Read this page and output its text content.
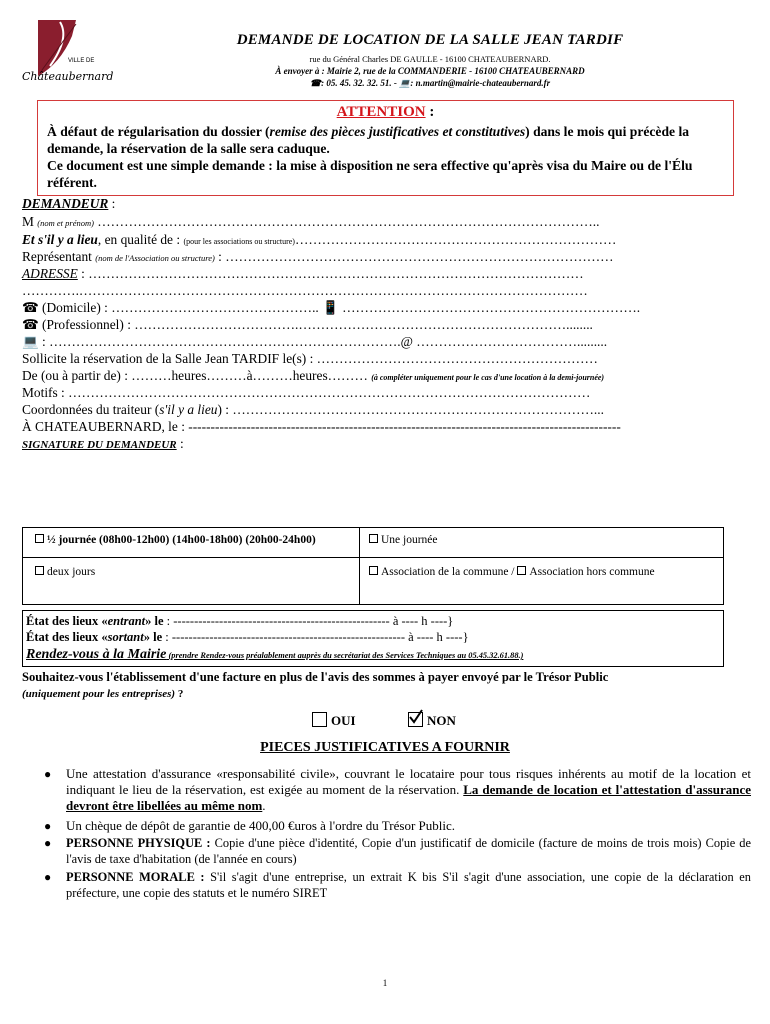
VILLE DE
Châteaubernard
DEMANDE DE LOCATION DE LA SALLE JEAN TARDIF
rue du Général Charles DE GAULLE - 16100 CHATEAUBERNARD.
À envoyer à : Mairie 2, rue de la COMMANDERIE - 16100 CHATEAUBERNARD
☎: 05. 45. 32. 32. 51. - 💻: n.martin@mairie-chateaubernard.fr
ATTENTION :
À défaut de régularisation du dossier (remise des pièces justificatives et constitutives) dans le mois qui précède la demande, la réservation de la salle sera caduque.
Ce document est une simple demande : la mise à disposition ne sera effective qu'après visa du Maire ou de l'Élu référent.
DEMANDEUR :
M (nom et prénom) …………………………………………………………………………………………………..
Et s'il y a lieu, en qualité de : (pour les associations ou structure)………………………………………………………………
Représentant (nom de l'Association ou structure) : ……………………………………………………………………………
ADRESSE : …………………………………………………………………………………………………
………….……………………………………………………………………………………………………
☎ (Domicile) : ……………………………………….. 📱 ………………………………………………………….
☎ (Professionnel) : ……………………………….……………………………………………………........
💻 : …………………………………………………………………….@ ……………………………….........
Sollicite la réservation de la Salle Jean TARDIF le(s) : ………………………………………………………
De (ou à partir de) : ………heures………à………heures……… (à compléter uniquement pour le cas d'une location à la demi-journée)
Motifs : ………………………………………………………………………………………………………
Coordonnées du traiteur (s'il y a lieu) : ………………………………………………………………………...
À CHATEAUBERNARD, le : -------------------------------------------------------------------------------------------------
SIGNATURE DU DEMANDEUR :
½ journée (08h00-12h00) (14h00-18h00) (20h00-24h00)	Une journée
deux jours	Association de la commune / Association hors commune
État des lieux «entrant» le : ---------------------------------------------------- à ---- h ----}
État des lieux «sortant» le : -------------------------------------------------------- à ---- h ----}
Rendez-vous à la Mairie (prendre Rendez-vous préalablement auprès du secrétariat des Services Techniques au 05.45.32.61.88.)
Souhaitez-vous l'établissement d'une facture en plus de l'avis des sommes à payer envoyé par le Trésor Public
(uniquement pour les entreprises) ?
OUI	NON
PIECES JUSTIFICATIVES A FOURNIR
● Une attestation d'assurance «responsabilité civile», couvrant le locataire pour tous risques inhérents au motif de la location et indiquant le lieu de la réservation, est exigée au moment de la réservation. La demande de location et l'attestation d'assurance devront être libellées au même nom.
● Un chèque de dépôt de garantie de 400,00 €uros à l'ordre du Trésor Public.
● PERSONNE PHYSIQUE : Copie d'une pièce d'identité, Copie d'un justificatif de domicile (facture de moins de trois mois) Copie de l'avis de taxe d'habitation (de l'année en cours)
● PERSONNE MORALE : S'il s'agit d'une entreprise, un extrait K bis S'il s'agit d'une association, une copie de la déclaration en préfecture, une copie des statuts et le numéro SIRET
1
